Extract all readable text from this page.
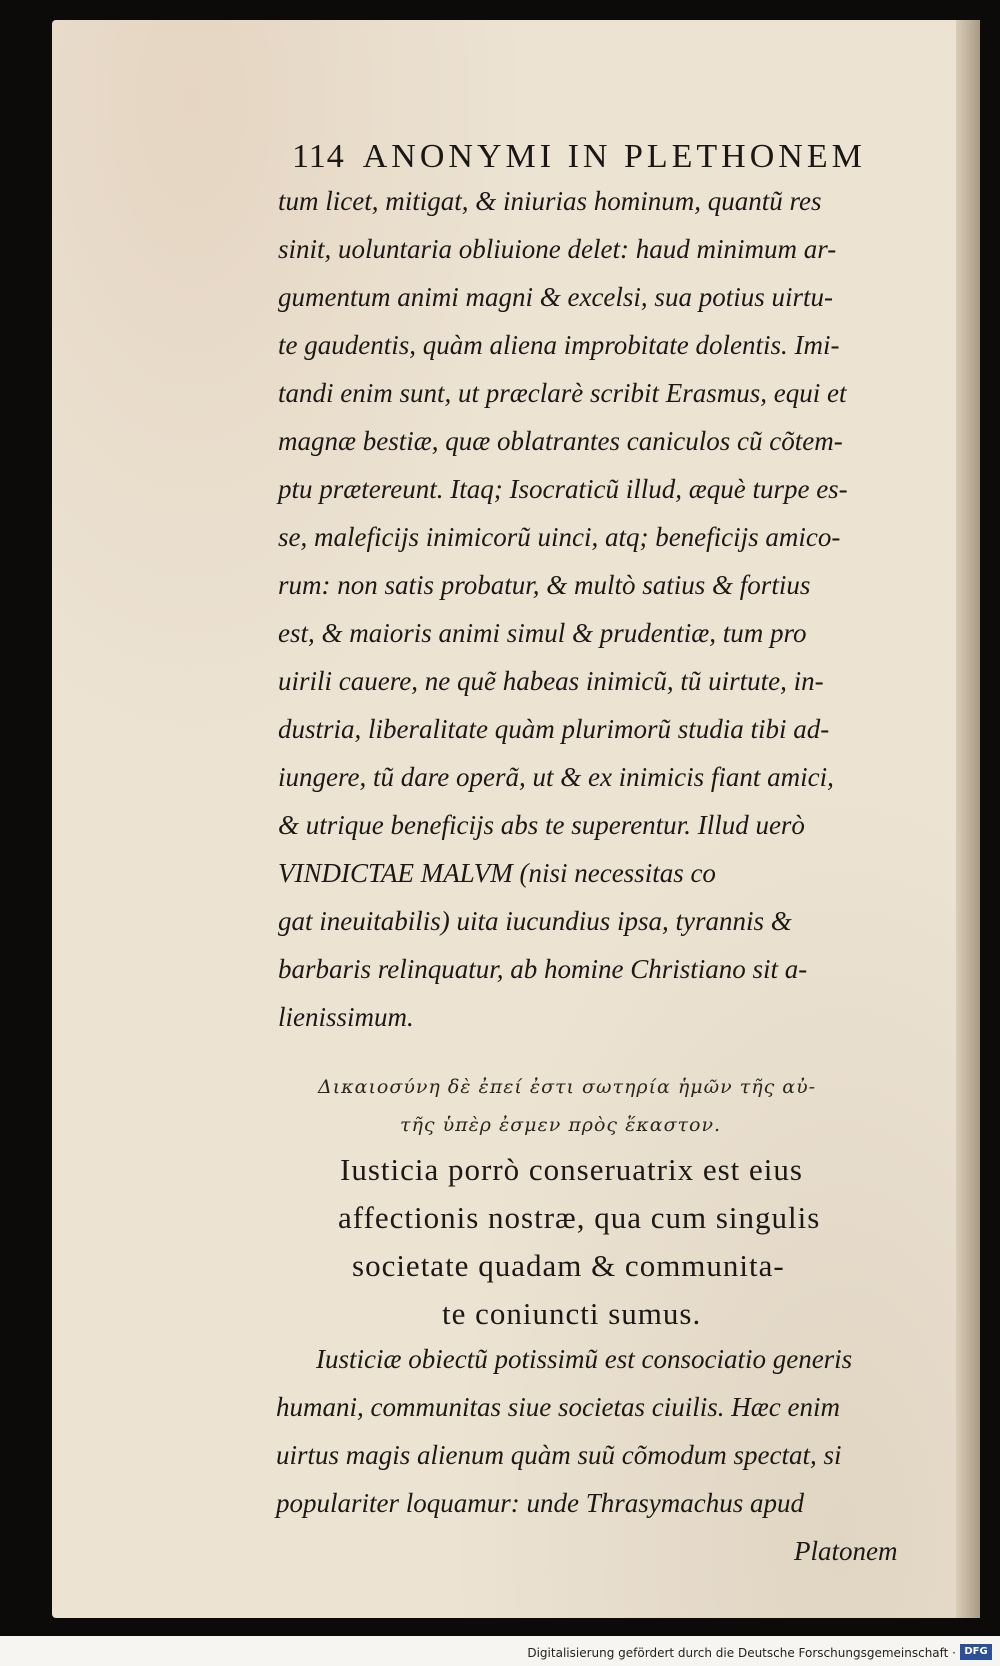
114 ANONYMI IN PLETHONEM
tum licet, mitigat, & iniurias hominum, quantũ res
sinit, uoluntaria obliuione delet: haud minimum ar-
gumentum animi magni & excelsi, sua potius uirtu-
te gaudentis, quàm aliena improbitate dolentis. Imi-
tandi enim sunt, ut præclarè scribit Erasmus, equi et
magnæ bestiæ, quæ oblatrantes caniculos cũ cõtem-
ptu prætereunt. Itaq; Isocraticũ illud, æquè turpe es-
se, maleficijs inimicorũ uinci, atq; beneficijs amico-
rum: non satis probatur, & multò satius & fortius
est, & maioris animi simul & prudentiæ, tum pro
uirili cauere, ne quẽ habeas inimicũ, tũ uirtute, in-
dustria, liberalitate quàm plurimorũ studia tibi ad-
iungere, tũ dare operã, ut & ex inimicis fiant amici,
& utrique beneficijs abs te superentur. Illud uerò
VINDICTAE MALVM (nisi necessitas co
gat ineuitabilis) uita iucundius ipsa, tyrannis &
barbaris relinquatur, ab homine Christiano sit a-
lienissimum.
Δικαιοσύνη δὲ ἐπεί ἐστι σωτηρία ἡμῶν τῆς αὐ-
τῆς ὑπὲρ ἐσμεν πρὸς ἕκαστον.
Iusticia porrò conseruatrix est eius
affectionis nostræ, qua cum singulis
societate quadam & communita-
te coniuncti sumus.
Iusticiæ obiectũ potissimũ est consociatio generis
humani, communitas siue societas ciuilis. Hæc enim
uirtus magis alienum quàm suũ cõmodum spectat, si
populariter loquamur: unde Thrasymachus apud
Platonem
Digitalisierung gefördert durch die Deutsche Forschungsgemeinschaft · DFG
